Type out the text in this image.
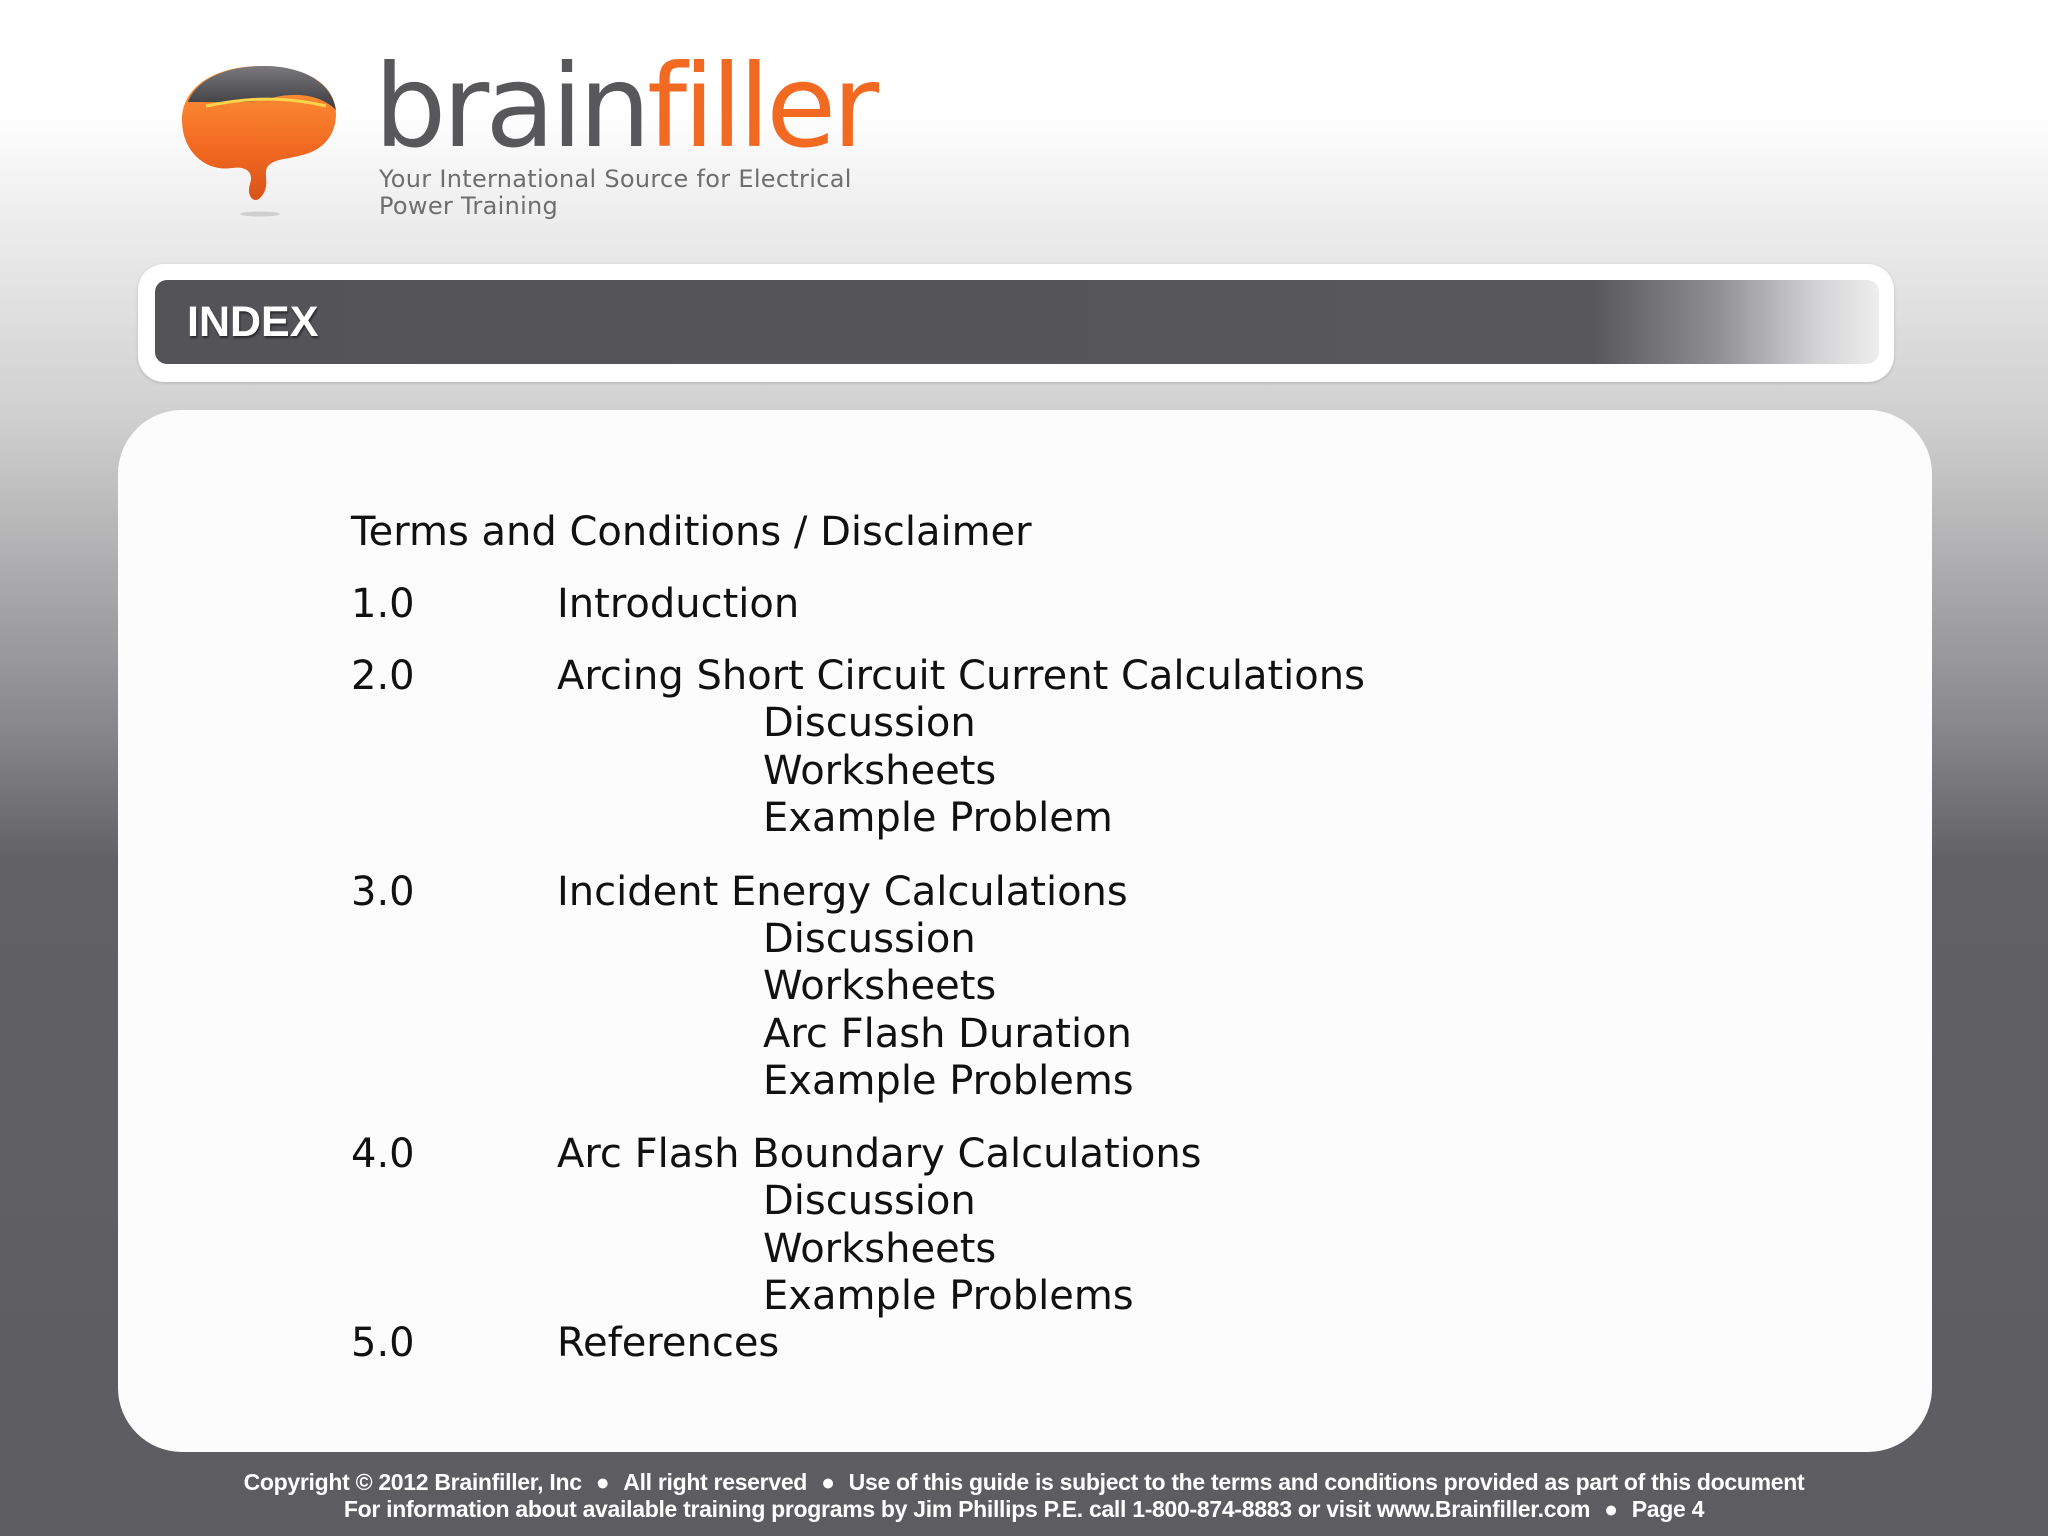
brainfiller
Your International Source for Electrical
Power Training
INDEX
Terms and Conditions / Disclaimer
1.0	Introduction
2.0	Arcing Short Circuit Current Calculations
Discussion
Worksheets
Example Problem
3.0	Incident Energy Calculations
Discussion
Worksheets
Arc Flash Duration
Example Problems
4.0	Arc Flash Boundary Calculations
Discussion
Worksheets
Example Problems
5.0	References
Copyright © 2012 Brainfiller, Inc ● All right reserved ● Use of this guide is subject to the terms and conditions provided as part of this document
For information about available training programs by Jim Phillips P.E. call 1-800-874-8883 or visit www.Brainfiller.com ● Page 4
